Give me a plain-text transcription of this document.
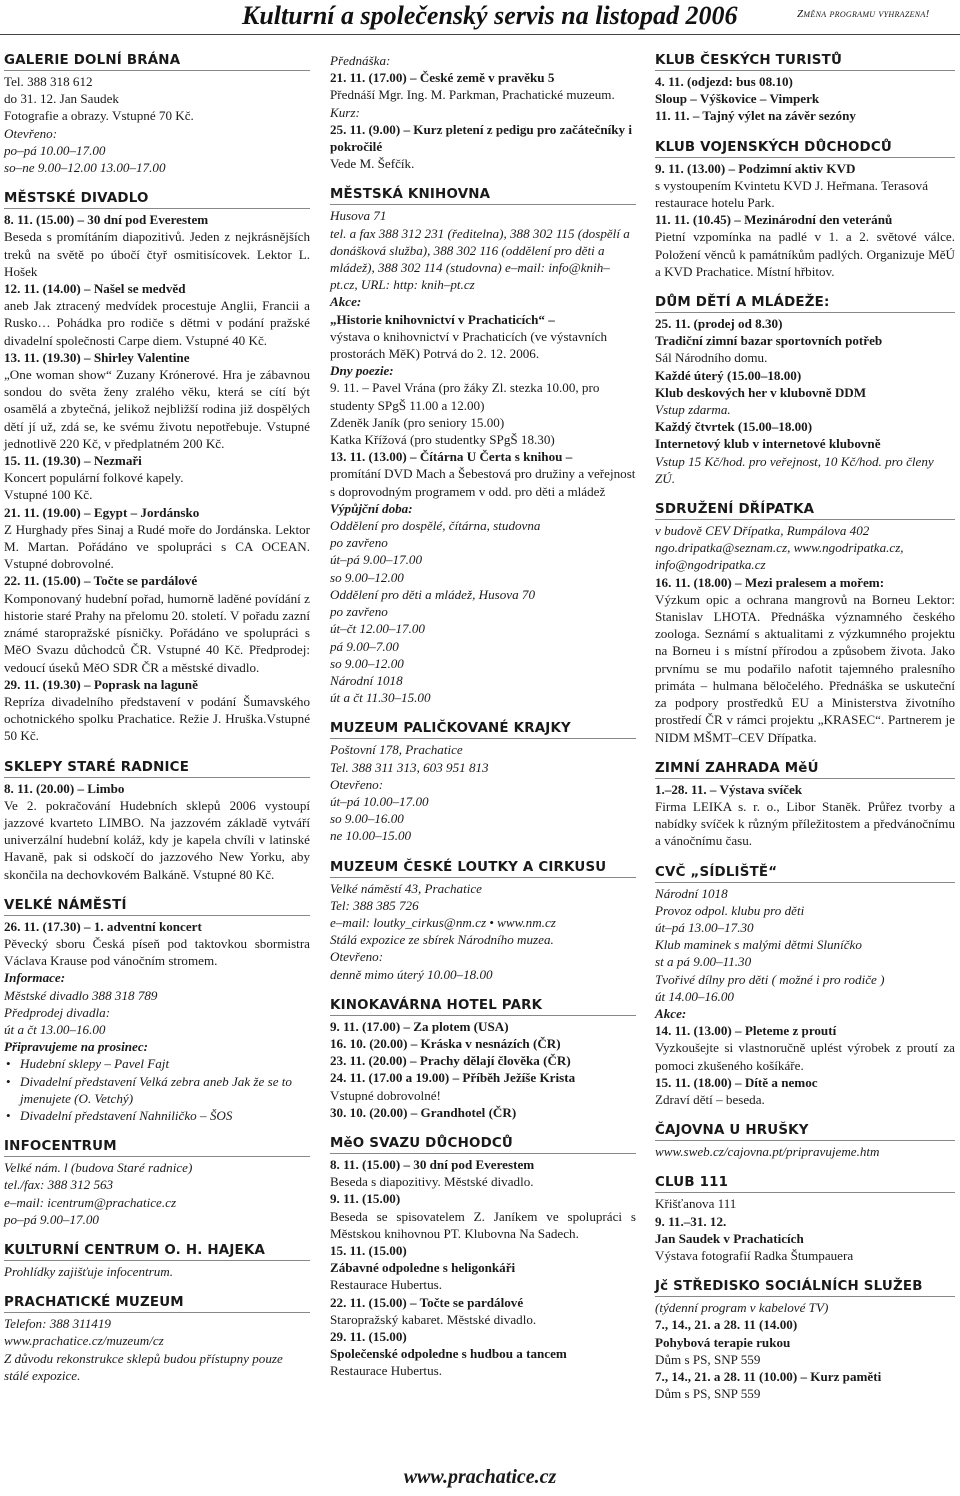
Kulturní a společenský servis na listopad 2006	Změna programu vyhrazena!
GALERIE DOLNÍ BRÁNA
Tel. 388 318 612
do 31. 12. Jan Saudek
Fotografie a obrazy. Vstupné 70 Kč.
Otevřeno:
po–pá 10.00–17.00
so–ne 9.00–12.00 13.00–17.00
MĚSTSKÉ DIVADLO
8. 11. (15.00) – 30 dní pod Everestem
Beseda s promítáním diapozitivů. Jeden z nejkrásnějších treků na světě po úbočí čtyř osmitisícovek. Lektor L. Hošek
12. 11. (14.00) – Našel se medvěd
aneb Jak ztracený medvídek procestuje Anglii, Francii a Rusko… Pohádka pro rodiče s dětmi v podání pražské divadelní společnosti Carpe diem. Vstupné 40 Kč.
13. 11. (19.30) – Shirley Valentine
„One woman show“ Zuzany Krónerové. Hra je zábavnou sondou do světa ženy zralého věku, která se cítí být osamělá a zbytečná, jelikož nejbližší rodina již dospělých dětí jí už, zdá se, ke svému životu nepotřebuje. Vstupné jednotlivě 220 Kč, v předplatném 200 Kč.
15. 11. (19.30) – Nezmaři
Koncert populární folkové kapely.
Vstupné 100 Kč.
21. 11. (19.00) – Egypt – Jordánsko
Z Hurghady přes Sinaj a Rudé moře do Jordánska. Lektor M. Martan. Pořádáno ve spolupráci s CA OCEAN. Vstupné dobrovolné.
22. 11. (15.00) – Točte se pardálové
Komponovaný hudební pořad, humorně laděné povídání z historie staré Prahy na přelomu 20. století. V pořadu zazní známé staropražské písničky. Pořádáno ve spolupráci s MěO Svazu důchodců ČR. Vstupné 40 Kč. Předprodej: vedoucí úseků MěO SDR ČR a městské divadlo.
29. 11. (19.30) – Poprask na laguně
Repríza divadelního představení v podání Šumavského ochotnického spolku Prachatice. Režie J. Hruška.Vstupné 50 Kč.
SKLEPY STARÉ RADNICE
8. 11. (20.00) – Limbo
Ve 2. pokračování Hudebních sklepů 2006 vystoupí jazzové kvarteto LIMBO. Na jazzovém základě vytváří univerzální hudební koláž, kdy je kapela chvíli v latinské Havaně, pak si odskočí do jazzového New Yorku, aby skončila na dechovkovém Balkáně. Vstupné 80 Kč.
VELKÉ NÁMĚSTÍ
26. 11. (17.30) – 1. adventní koncert
Pěvecký sboru Česká píseň pod taktovkou sbormistra Václava Krause pod vánočním stromem.
Informace:
Městské divadlo 388 318 789
Předprodej divadla:
út a čt 13.00–16.00
Připravujeme na prosinec:
• Hudební sklepy – Pavel Fajt
• Divadelní představení Velká zebra aneb Jak že se to jmenujete (O. Vetchý)
• Divadelní představení Nahniličko – ŠOS
INFOCENTRUM
Velké nám. l (budova Staré radnice)
tel./fax: 388 312 563
e–mail: icentrum@prachatice.cz
po–pá 9.00–17.00
KULTURNÍ CENTRUM O. H. HAJEKA
Prohlídky zajišťuje infocentrum.
PRACHATICKÉ MUZEUM
Telefon: 388 311419
www.prachatice.cz/muzeum/cz
Z důvodu rekonstrukce sklepů budou přístupny pouze stálé expozice.
Přednáška:
21. 11. (17.00) – České země v pravěku 5
Přednáší Mgr. Ing. M. Parkman, Prachatické muzeum.
Kurz:
25. 11. (9.00) – Kurz pletení z pedigu pro začátečníky i pokročilé
Vede M. Šefčík.
MĚSTSKÁ KNIHOVNA
Husova 71
tel. a fax 388 312 231 (ředitelna), 388 302 115 (dospělí a donášková služba), 388 302 116 (oddělení pro děti a mládež), 388 302 114 (studovna) e–mail: info@knih–pt.cz, URL: http: knih–pt.cz
Akce:
„Historie knihovnictví v Prachaticích“ –
výstava o knihovnictví v Prachaticích (ve výstavních prostorách MěK) Potrvá do 2. 12. 2006.
Dny poezie:
9. 11. – Pavel Vrána (pro žáky Zl. stezka 10.00, pro studenty SPgŠ 11.00 a 12.00)
Zdeněk Janík (pro seniory 15.00)
Katka Křížová (pro studentky SPgŠ 18.30)
13. 11. (13.00) – Čítárna U Čerta s knihou –
promítání DVD Mach a Šebestová pro družiny a veřejnost s doprovodným programem v odd. pro děti a mládež
Výpůjční doba:
Oddělení pro dospělé, čítárna, studovna
po zavřeno
út–pá 9.00–17.00
so 9.00–12.00
Oddělení pro děti a mládež, Husova 70
po zavřeno
út–čt 12.00–17.00
pá 9.00–7.00
so 9.00–12.00
Národní 1018
út a čt 11.30–15.00
MUZEUM PALIČKOVANÉ KRAJKY
Poštovní 178, Prachatice
Tel. 388 311 313, 603 951 813
Otevřeno:
út–pá 10.00–17.00
so 9.00–16.00
ne 10.00–15.00
MUZEUM ČESKÉ LOUTKY A CIRKUSU
Velké náměstí 43, Prachatice
Tel: 388 385 726
e–mail: loutky_cirkus@nm.cz • www.nm.cz
Stálá expozice ze sbírek Národního muzea.
Otevřeno:
denně mimo úterý 10.00–18.00
KINOKAVÁRNA HOTEL PARK
9. 11. (17.00) – Za plotem (USA)
16. 10. (20.00) – Kráska v nesnázích (ČR)
23. 11. (20.00) – Prachy dělají člověka (ČR)
24. 11. (17.00 a 19.00) – Příběh Ježíše Krista
Vstupné dobrovolné!
30. 10. (20.00) – Grandhotel (ČR)
MěO SVAZU DŮCHODCŮ
8. 11. (15.00) – 30 dní pod Everestem
Beseda s diapozitivy. Městské divadlo.
9. 11. (15.00)
Beseda se spisovatelem Z. Janíkem ve spolupráci s Městskou knihovnou PT. Klubovna Na Sadech.
15. 11. (15.00)
Zábavné odpoledne s heligonkáři
Restaurace Hubertus.
22. 11. (15.00) – Točte se pardálové
Staropražský kabaret. Městské divadlo.
29. 11. (15.00)
Společenské odpoledne s hudbou a tancem
Restaurace Hubertus.
KLUB ČESKÝCH TURISTŮ
4. 11. (odjezd: bus 08.10)
Sloup – Výškovice – Vimperk
11. 11. – Tajný výlet na závěr sezóny
KLUB VOJENSKÝCH DŮCHODCŮ
9. 11. (13.00) – Podzimní aktiv KVD
s vystoupením Kvintetu KVD J. Heřmana. Terasová restaurace hotelu Park.
11. 11. (10.45) – Mezinárodní den veteránů
Pietní vzpomínka na padlé v 1. a 2. světové válce. Položení věnců k památníkům padlých. Organizuje MěÚ a KVD Prachatice. Místní hřbitov.
DŮM DĚTÍ A MLÁDEŽE:
25. 11. (prodej od 8.30)
Tradiční zimní bazar sportovních potřeb
Sál Národního domu.
Každé úterý (15.00–18.00)
Klub deskových her v klubovně DDM
Vstup zdarma.
Každý čtvrtek (15.00–18.00)
Internetový klub v internetové klubovně
Vstup 15 Kč/hod. pro veřejnost, 10 Kč/hod. pro členy ZÚ.
SDRUŽENÍ DŘÍPATKA
v budově CEV Dřípatka, Rumpálova 402 ngo.dripatka@seznam.cz, www.ngodripatka.cz, info@ngodripatka.cz
16. 11. (18.00) – Mezi pralesem a mořem:
Výzkum opic a ochrana mangrovů na Borneu Lektor: Stanislav LHOTA. Přednáška významného českého zoologa. Seznámí s aktualitami z výzkumného projektu na Borneu i s místní přírodou a způsobem života. Jako prvnímu se mu podařilo nafotit tajemného pralesního primáta – hulmana běločelého. Přednáška se uskuteční za podpory prostředků EU a Ministerstva životního prostředí ČR v rámci projektu „KRASEC“. Partnerem je NIDM MŠMT–CEV Dřípatka.
ZIMNÍ ZAHRADA MěÚ
1.–28. 11. – Výstava svíček
Firma LEIKA s. r. o., Libor Staněk. Průřez tvorby a nabídky svíček k různým příležitostem a předvánočnímu a vánočnímu času.
CVČ „SÍDLIŠTĚ“
Národní 1018
Provoz odpol. klubu pro děti
út–pá 13.00–17.30
Klub maminek s malými dětmi Sluníčko
st a pá 9.00–11.30
Tvořivé dílny pro děti ( možné i pro rodiče )
út 14.00–16.00
Akce:
14. 11. (13.00) – Pleteme z proutí
Vyzkoušejte si vlastnoručně uplést výrobek z proutí za pomoci zkušeného košíkáře.
15. 11. (18.00) – Dítě a nemoc
Zdraví dětí – beseda.
ČAJOVNA U HRUŠKY
www.sweb.cz/cajovna.pt/pripravujeme.htm
CLUB 111
Křišťanova 111
9. 11.–31. 12.
Jan Saudek v Prachaticích
Výstava fotografií Radka Štumpauera
Jč STŘEDISKO SOCIÁLNÍCH SLUŽEB
(týdenní program v kabelové TV)
7., 14., 21. a 28. 11 (14.00)
Pohybová terapie rukou
Dům s PS, SNP 559
7., 14., 21. a 28. 11 (10.00) – Kurz paměti
Dům s PS, SNP 559
www.prachatice.cz
